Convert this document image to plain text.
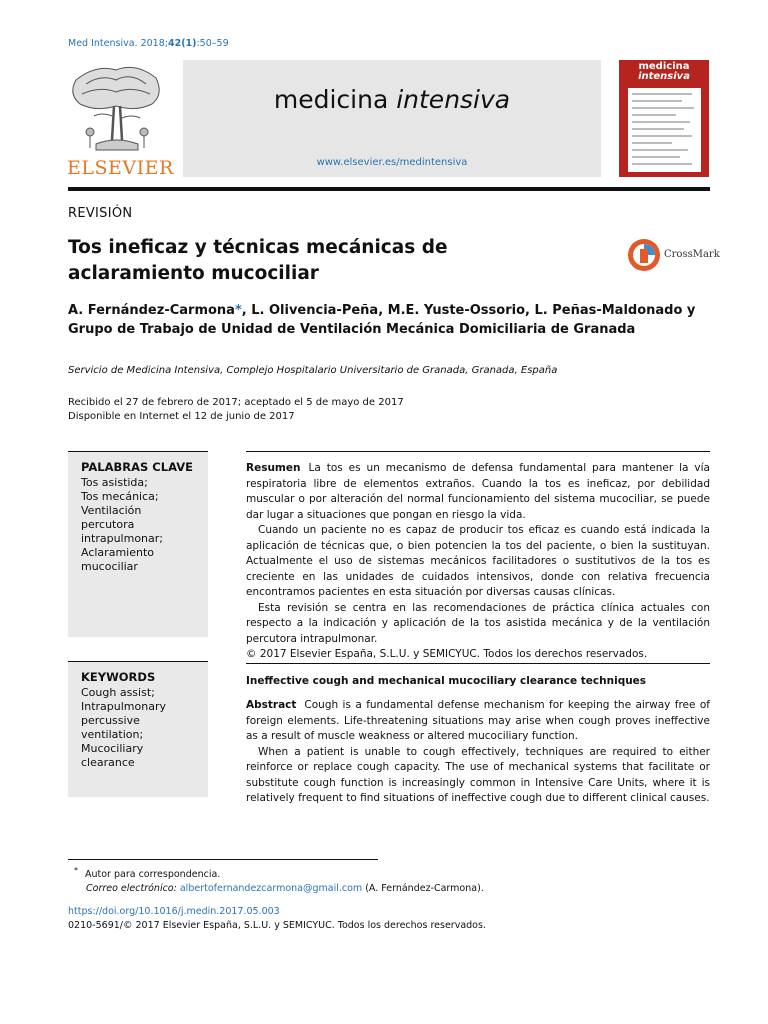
Med Intensiva. 2018;42(1):50–59
ELSEVIER
medicina intensiva
www.elsevier.es/medintensiva
medicina
intensiva
REVISIÓN
Tos ineficaz y técnicas mecánicas de aclaramiento mucociliar
CrossMark
A. Fernández-Carmona*, L. Olivencia-Peña, M.E. Yuste-Ossorio, L. Peñas-Maldonado y Grupo de Trabajo de Unidad de Ventilación Mecánica Domiciliaria de Granada
Servicio de Medicina Intensiva, Complejo Hospitalario Universitario de Granada, Granada, España
Recibido el 27 de febrero de 2017; aceptado el 5 de mayo de 2017
Disponible en Internet el 12 de junio de 2017
PALABRAS CLAVE
Tos asistida;
Tos mecánica;
Ventilación percutora
intrapulmonar;
Aclaramiento
mucociliar

Resumen La tos es un mecanismo de defensa fundamental para mantener la vía respiratoria libre de elementos extraños. Cuando la tos es ineficaz, por debilidad muscular o por alteración del normal funcionamiento del sistema mucociliar, se puede dar lugar a situaciones que pongan en riesgo la vida.

Cuando un paciente no es capaz de producir tos eficaz es cuando está indicada la aplicación de técnicas que, o bien potencien la tos del paciente, o bien la sustituyan. Actualmente el uso de sistemas mecánicos facilitadores o sustitutivos de la tos es creciente en las unidades de cuidados intensivos, donde con relativa frecuencia encontramos pacientes en esta situación por diversas causas clínicas.

Esta revisión se centra en las recomendaciones de práctica clínica actuales con respecto a la indicación y aplicación de la tos asistida mecánica y de la ventilación percutora intrapulmonar.

© 2017 Elsevier España, S.L.U. y SEMICYUC. Todos los derechos reservados.

KEYWORDS
Cough assist;
Intrapulmonary
percussive
ventilation;
Mucociliary clearance
Ineffective cough and mechanical mucociliary clearance techniques

Abstract Cough is a fundamental defense mechanism for keeping the airway free of foreign elements. Life-threatening situations may arise when cough proves ineffective as a result of muscle weakness or altered mucociliary function.

When a patient is unable to cough effectively, techniques are required to either reinforce or replace cough capacity. The use of mechanical systems that facilitate or substitute cough function is increasingly common in Intensive Care Units, where it is relatively frequent to find situations of ineffective cough due to different clinical causes.

* Autor para correspondencia.
Correo electrónico: albertofernandezcarmona@gmail.com (A. Fernández-Carmona).
https://doi.org/10.1016/j.medin.2017.05.003
0210-5691/© 2017 Elsevier España, S.L.U. y SEMICYUC. Todos los derechos reservados.
